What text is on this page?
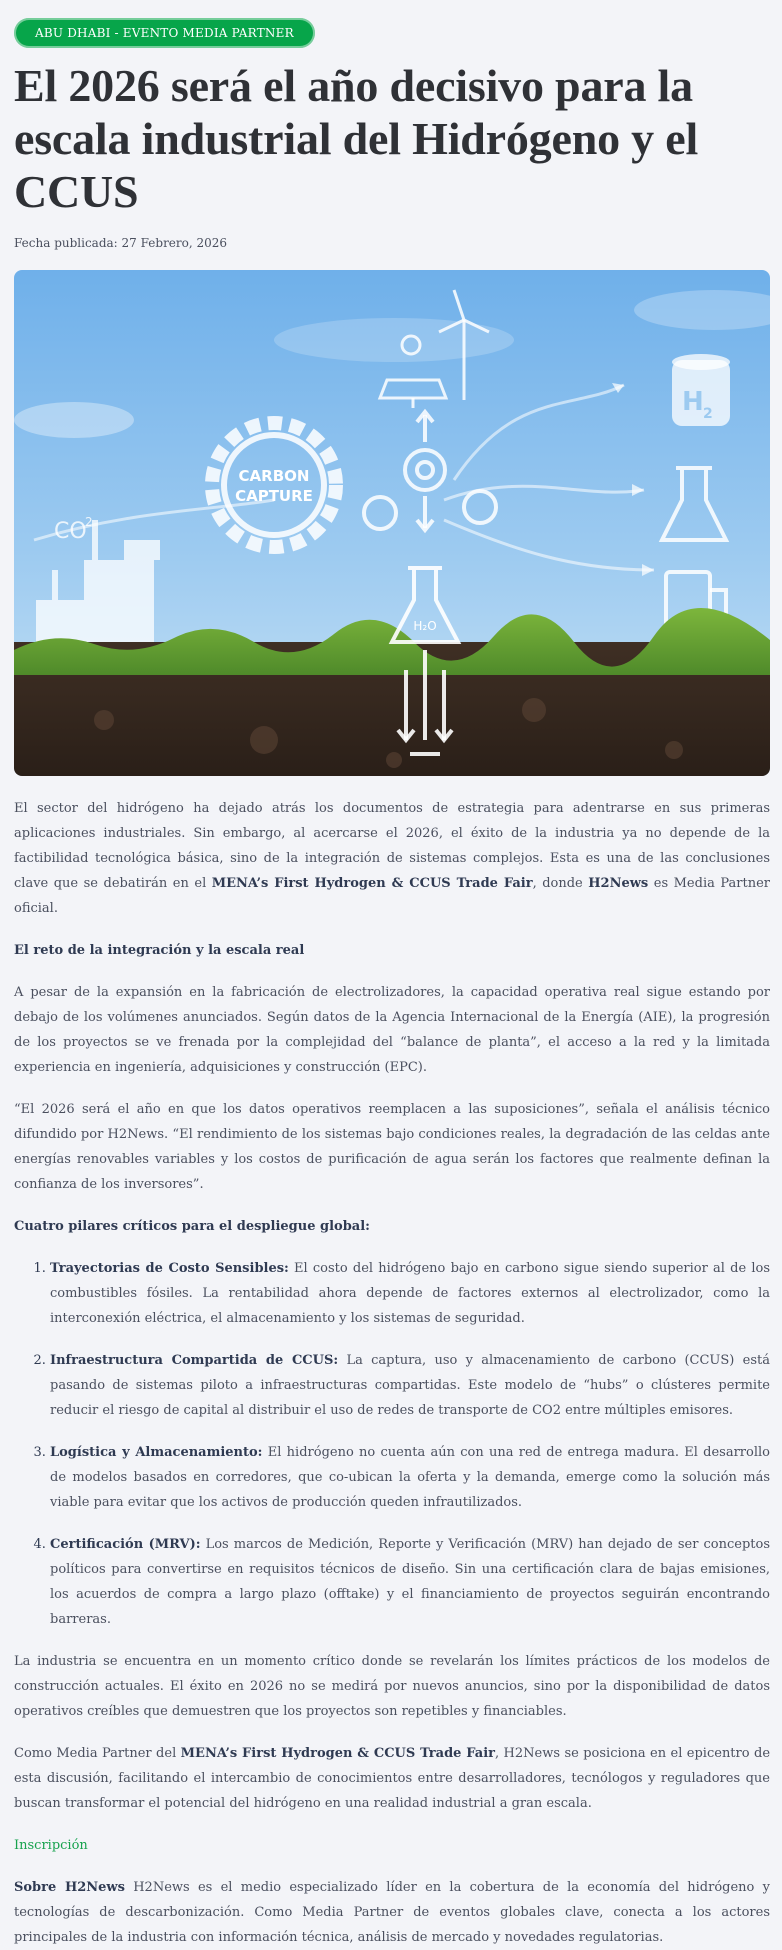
ABU DHABI - EVENTO MEDIA PARTNER
El 2026 será el año decisivo para la escala industrial del Hidrógeno y el CCUS
Fecha publicada: 27 Febrero, 2026
CARBON
CAPTURE
CO
2
H 2
H₂O

El sector del hidrógeno ha dejado atrás los documentos de estrategia para adentrarse en sus primeras aplicaciones industriales. Sin embargo, al acercarse el 2026, el éxito de la industria ya no depende de la factibilidad tecnológica básica, sino de la integración de sistemas complejos. Esta es una de las conclusiones clave que se debatirán en el MENA’s First Hydrogen & CCUS Trade Fair, donde H2News es Media Partner oficial.

El reto de la integración y la escala real

A pesar de la expansión en la fabricación de electrolizadores, la capacidad operativa real sigue estando por debajo de los volúmenes anunciados. Según datos de la Agencia Internacional de la Energía (AIE), la progresión de los proyectos se ve frenada por la complejidad del “balance de planta”, el acceso a la red y la limitada experiencia en ingeniería, adquisiciones y construcción (EPC).

“El 2026 será el año en que los datos operativos reemplacen a las suposiciones”, señala el análisis técnico difundido por H2News. “El rendimiento de los sistemas bajo condiciones reales, la degradación de las celdas ante energías renovables variables y los costos de purificación de agua serán los factores que realmente definan la confianza de los inversores”.

Cuatro pilares críticos para el despliegue global:

1. Trayectorias de Costo Sensibles: El costo del hidrógeno bajo en carbono sigue siendo superior al de los combustibles fósiles. La rentabilidad ahora depende de factores externos al electrolizador, como la interconexión eléctrica, el almacenamiento y los sistemas de seguridad.
2. Infraestructura Compartida de CCUS: La captura, uso y almacenamiento de carbono (CCUS) está pasando de sistemas piloto a infraestructuras compartidas. Este modelo de “hubs” o clústeres permite reducir el riesgo de capital al distribuir el uso de redes de transporte de CO2 entre múltiples emisores.
3. Logística y Almacenamiento: El hidrógeno no cuenta aún con una red de entrega madura. El desarrollo de modelos basados en corredores, que co-ubican la oferta y la demanda, emerge como la solución más viable para evitar que los activos de producción queden infrautilizados.
4. Certificación (MRV): Los marcos de Medición, Reporte y Verificación (MRV) han dejado de ser conceptos políticos para convertirse en requisitos técnicos de diseño. Sin una certificación clara de bajas emisiones, los acuerdos de compra a largo plazo (offtake) y el financiamiento de proyectos seguirán encontrando barreras.

La industria se encuentra en un momento crítico donde se revelarán los límites prácticos de los modelos de construcción actuales. El éxito en 2026 no se medirá por nuevos anuncios, sino por la disponibilidad de datos operativos creíbles que demuestren que los proyectos son repetibles y financiables.

Como Media Partner del MENA’s First Hydrogen & CCUS Trade Fair, H2News se posiciona en el epicentro de esta discusión, facilitando el intercambio de conocimientos entre desarrolladores, tecnólogos y reguladores que buscan transformar el potencial del hidrógeno en una realidad industrial a gran escala.

Inscripción

Sobre H2News H2News es el medio especializado líder en la cobertura de la economía del hidrógeno y tecnologías de descarbonización. Como Media Partner de eventos globales clave, conecta a los actores principales de la industria con información técnica, análisis de mercado y novedades regulatorias.
